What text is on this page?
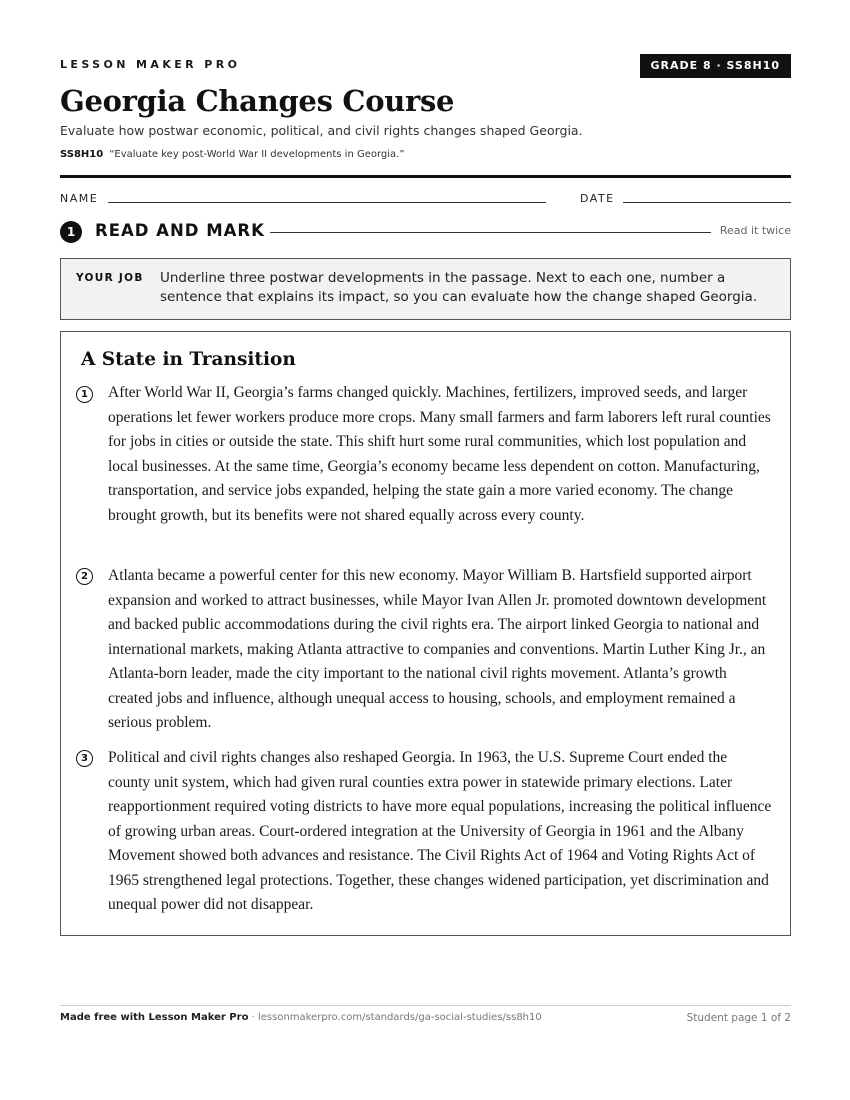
LESSON MAKER PRO	GRADE 8 · SS8H10
Georgia Changes Course
Evaluate how postwar economic, political, and civil rights changes shaped Georgia.
SS8H10 “Evaluate key post-World War II developments in Georgia.”
NAME	DATE
1	READ AND MARK	Read it twice
YOUR JOB Underline three postwar developments in the passage. Next to each one, number a sentence that explains its impact, so you can evaluate how the change shaped Georgia.
A State in Transition
1	After World War II, Georgia’s farms changed quickly. Machines, fertilizers, improved seeds, and larger operations let fewer workers produce more crops. Many small farmers and farm laborers left rural counties for jobs in cities or outside the state. This shift hurt some rural communities, which lost population and local businesses. At the same time, Georgia’s economy became less dependent on cotton. Manufacturing, transportation, and service jobs expanded, helping the state gain a more varied economy. The change brought growth, but its benefits were not shared equally across every county.
2	Atlanta became a powerful center for this new economy. Mayor William B. Hartsfield supported airport expansion and worked to attract businesses, while Mayor Ivan Allen Jr. promoted downtown development and backed public accommodations during the civil rights era. The airport linked Georgia to national and international markets, making Atlanta attractive to companies and conventions. Martin Luther King Jr., an Atlanta-born leader, made the city important to the national civil rights movement. Atlanta’s growth created jobs and influence, although unequal access to housing, schools, and employment remained a serious problem.
3	Political and civil rights changes also reshaped Georgia. In 1963, the U.S. Supreme Court ended the county unit system, which had given rural counties extra power in statewide primary elections. Later reapportionment required voting districts to have more equal populations, increasing the political influence of growing urban areas. Court-ordered integration at the University of Georgia in 1961 and the Albany Movement showed both advances and resistance. The Civil Rights Act of 1964 and Voting Rights Act of 1965 strengthened legal protections. Together, these changes widened participation, yet discrimination and unequal power did not disappear.
Made free with Lesson Maker Pro · lessonmakerpro.com/standards/ga-social-studies/ss8h10	Student page 1 of 2
